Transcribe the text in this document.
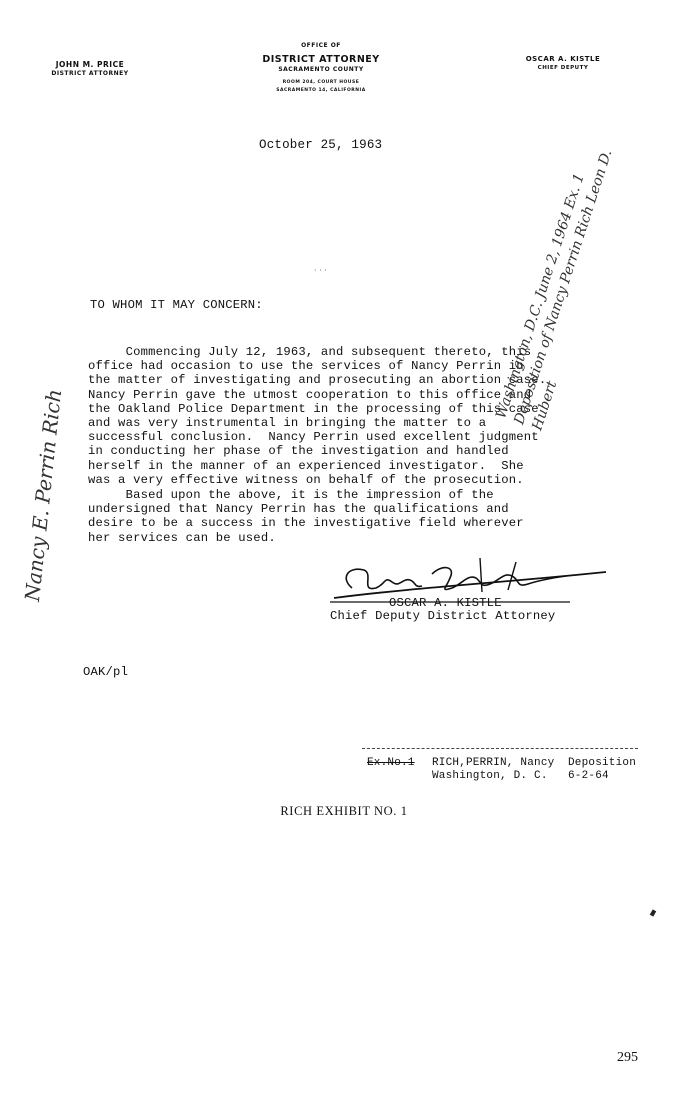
JOHN M. PRICE
DISTRICT ATTORNEY
OFFICE OF
DISTRICT ATTORNEY
SACRAMENTO COUNTY
ROOM 204, COURT HOUSE
SACRAMENTO 14, CALIFORNIA
OSCAR A. KISTLE
CHIEF DEPUTY
October 25, 1963
· · ·
TO WHOM IT MAY CONCERN:
Commencing July 12, 1963, and subsequent thereto, this
office had occasion to use the services of Nancy Perrin in
the matter of investigating and prosecuting an abortion case.
Nancy Perrin gave the utmost cooperation to this office and
the Oakland Police Department in the processing of this case
and was very instrumental in bringing the matter to a
successful conclusion.  Nancy Perrin used excellent judgment
in conducting her phase of the investigation and handled
herself in the manner of an experienced investigator.  She
was a very effective witness on behalf of the prosecution.
Based upon the above, it is the impression of the
undersigned that Nancy Perrin has the qualifications and
desire to be a success in the investigative field wherever
her services can be used.
OSCAR A. KISTLE
Chief Deputy District Attorney
OAK/pl
Ex.No.1 RICH,PERRIN, Nancy Deposition
Washington, D. C. 6-2-64
RICH EXHIBIT NO. 1
295
Washington, D.C. June 2, 1964 Ex. 1 Deposition of Nancy Perrin Rich Leon D. Hubert
Nancy E. Perrin Rich
